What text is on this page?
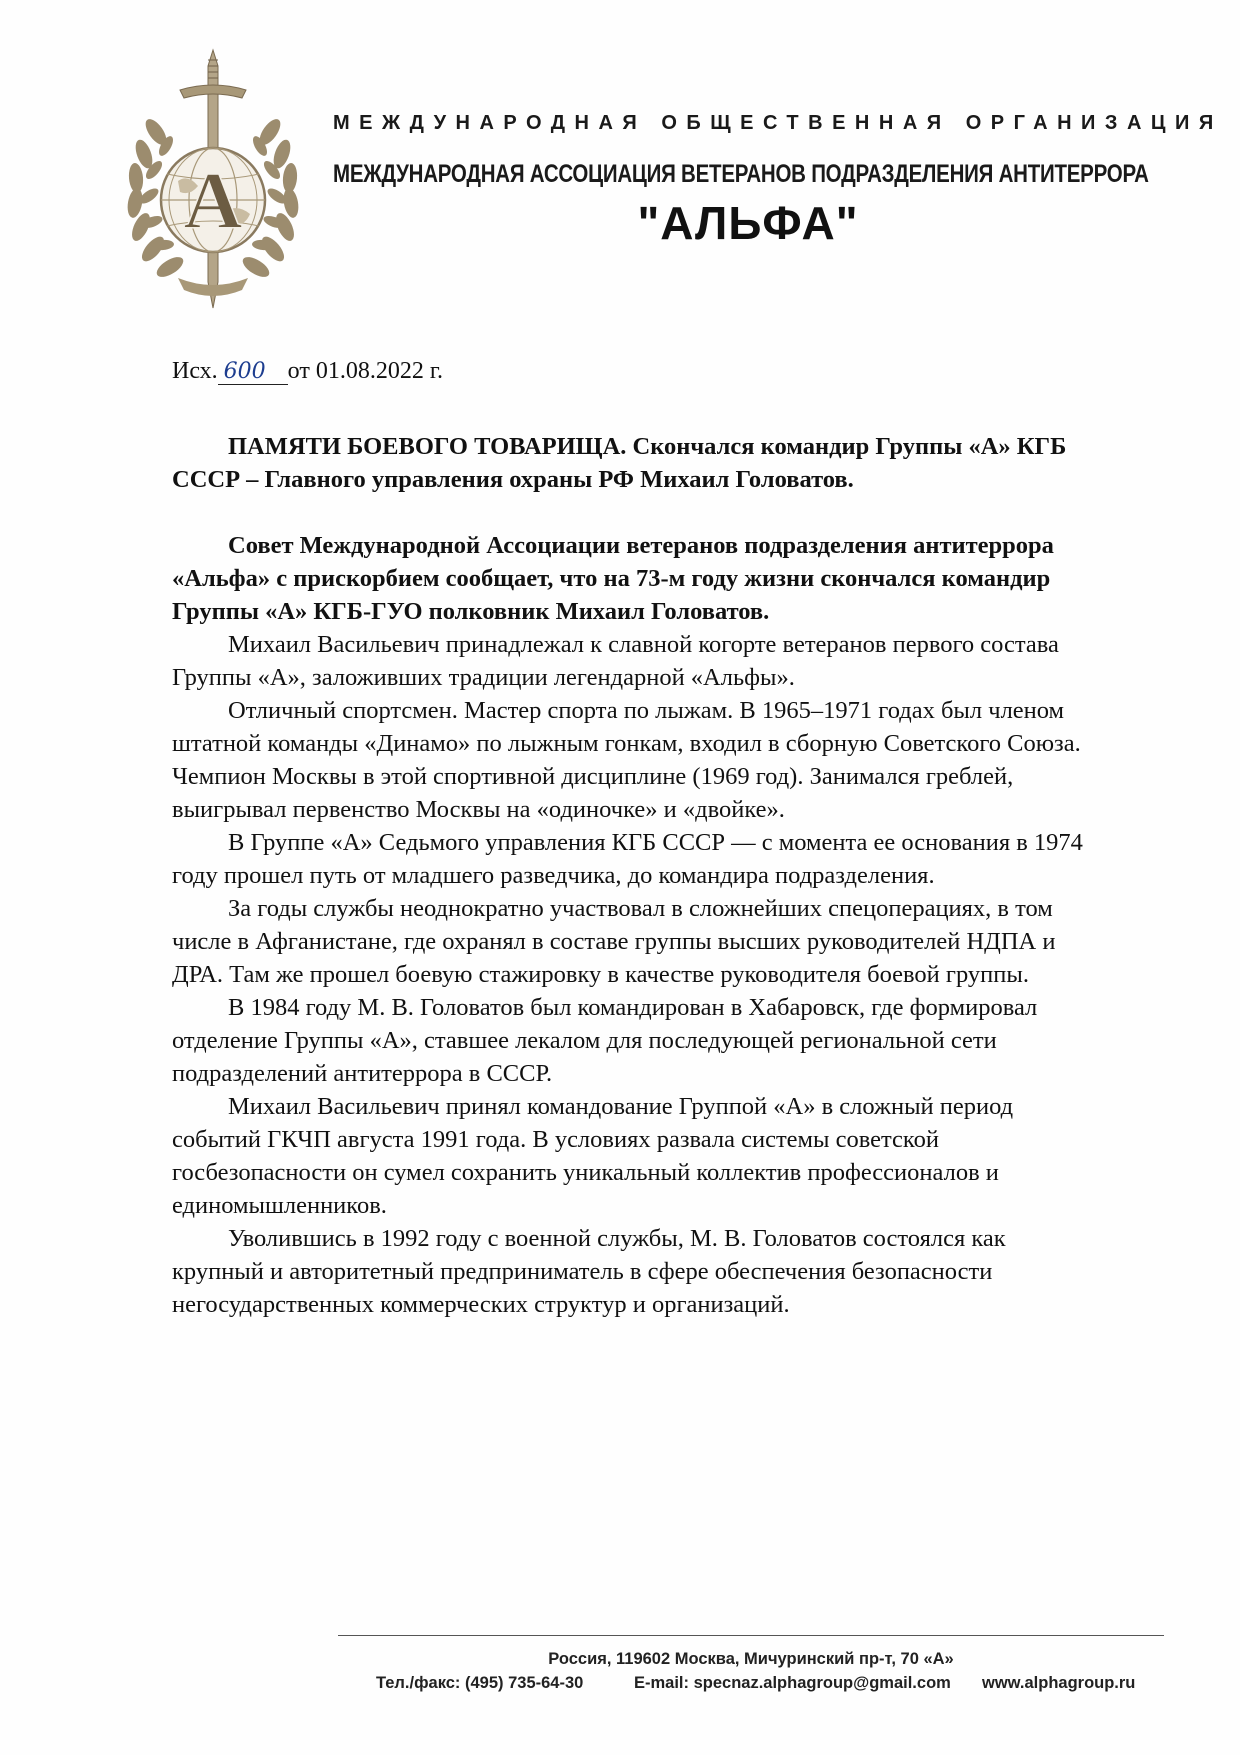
А
МЕЖДУНАРОДНАЯ ОБЩЕСТВЕННАЯ ОРГАНИЗАЦИЯ
МЕЖДУНАРОДНАЯ АССОЦИАЦИЯ ВЕТЕРАНОВ ПОДРАЗДЕЛЕНИЯ АНТИТЕРРОРА
"АЛЬФА"
Исх. 600 от 01.08.2022 г.

ПАМЯТИ БОЕВОГО ТОВАРИЩА. Скончался командир Группы «А» КГБ СССР – Главного управления охраны РФ Михаил Головатов.

Совет Международной Ассоциации ветеранов подразделения антитеррора «Альфа» с прискорбием сообщает, что на 73-м году жизни скончался командир Группы «А» КГБ-ГУО полковник Михаил Головатов.

Михаил Васильевич принадлежал к славной когорте ветеранов первого состава Группы «А», заложивших традиции легендарной «Альфы».

Отличный спортсмен. Мастер спорта по лыжам. В 1965–1971 годах был членом штатной команды «Динамо» по лыжным гонкам, входил в сборную Советского Союза. Чемпион Москвы в этой спортивной дисциплине (1969 год). Занимался греблей, выигрывал первенство Москвы на «одиночке» и «двойке».

В Группе «А» Седьмого управления КГБ СССР — с момента ее основания в 1974 году прошел путь от младшего разведчика, до командира подразделения.

За годы службы неоднократно участвовал в сложнейших спецоперациях, в том числе в Афганистане, где охранял в составе группы высших руководителей НДПА и ДРА. Там же прошел боевую стажировку в качестве руководителя боевой группы.

В 1984 году М. В. Головатов был командирован в Хабаровск, где формировал отделение Группы «А», ставшее лекалом для последующей региональной сети подразделений антитеррора в СССР.

Михаил Васильевич принял командование Группой «А» в сложный период событий ГКЧП августа 1991 года. В условиях развала системы советской госбезопасности он сумел сохранить уникальный коллектив профессионалов и единомышленников.

Уволившись в 1992 году с военной службы, М. В. Головатов состоялся как крупный и авторитетный предприниматель в сфере обеспечения безопасности негосударственных коммерческих структур и организаций.

Россия, 119602 Москва, Мичуринский пр-т, 70 «А»
Тел./факс: (495) 735-64-30	E-mail: specnaz.alphagroup@gmail.com www.alphagroup.ru
